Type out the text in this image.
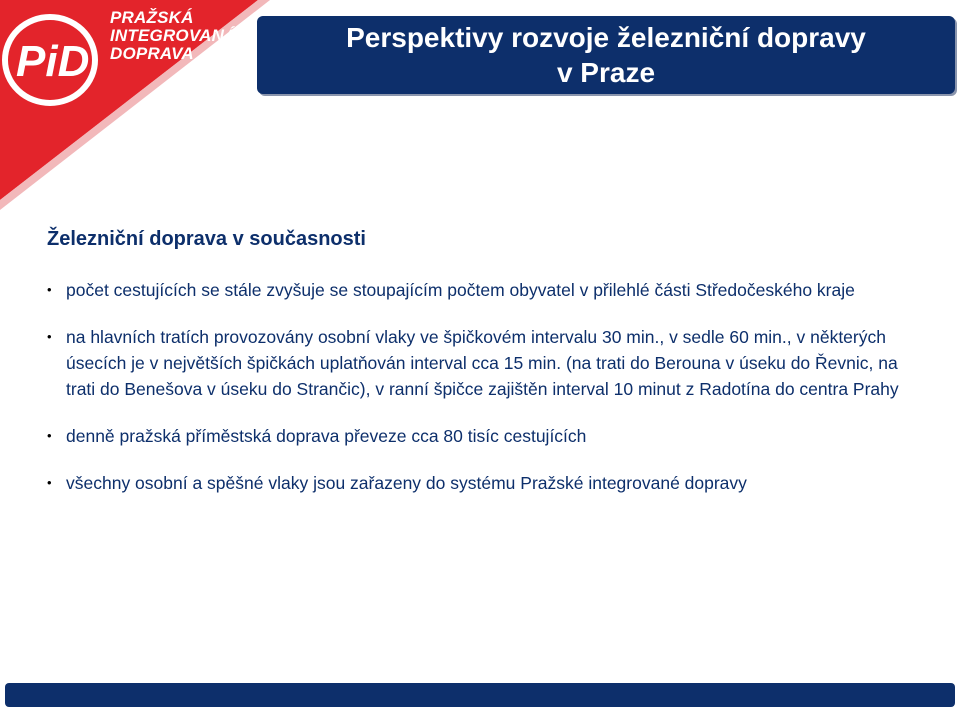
PiD
PRAŽSKÁ
INTEGROVANÁ
DOPRAVA
Perspektivy rozvoje železniční dopravy
v Praze
Železniční doprava v současnosti
• počet cestujících se stále zvyšuje se stoupajícím počtem obyvatel v přilehlé části Středočeského kraje
• na hlavních tratích provozovány osobní vlaky ve špičkovém intervalu 30 min., v sedle 60 min., v některých úsecích je v největších špičkách uplatňován interval cca 15 min. (na trati do Berouna v úseku do Řevnic, na trati do Benešova v úseku do Strančic), v ranní špičce zajištěn interval 10 minut z Radotína do centra Prahy
• denně pražská příměstská doprava převeze cca 80 tisíc cestujících
• všechny osobní a spěšné vlaky jsou zařazeny do systému Pražské integrované dopravy
